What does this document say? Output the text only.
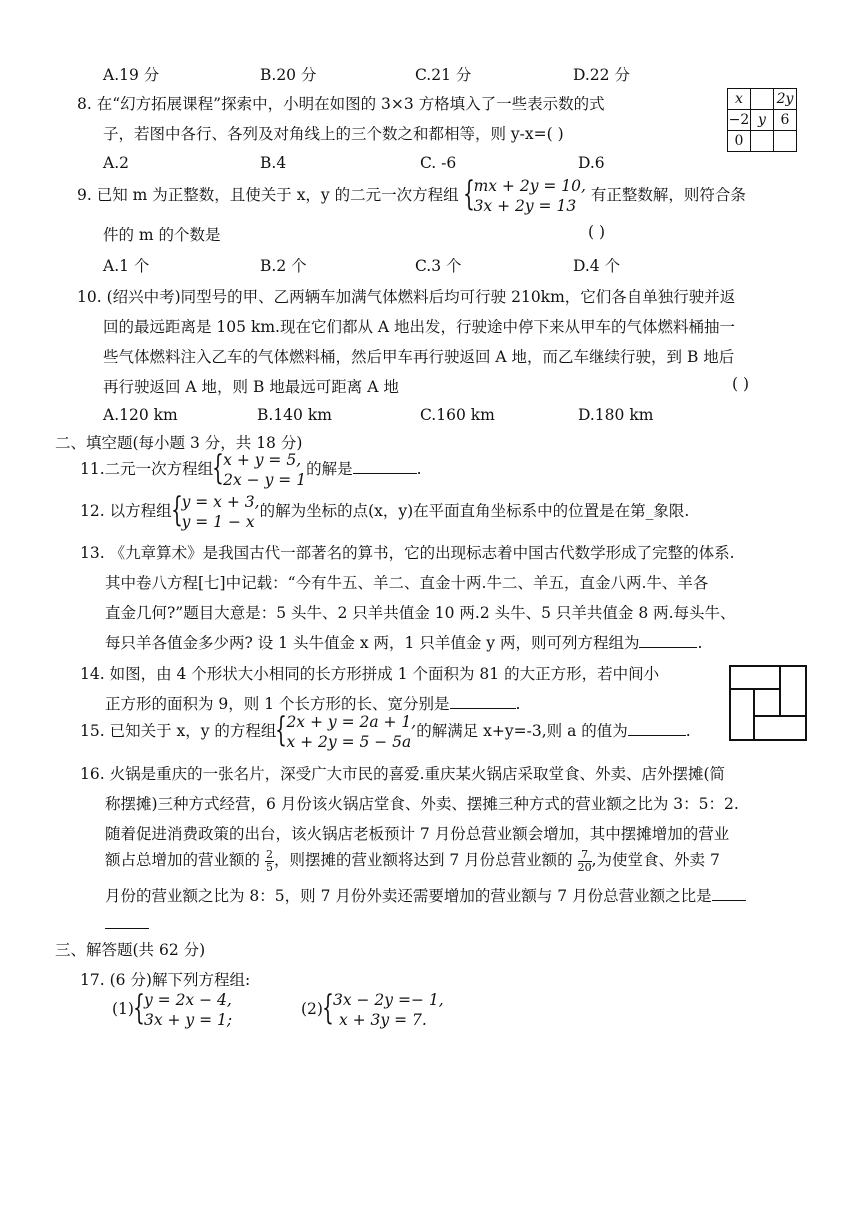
A.19 分	B.20 分	C.21 分	D.22 分
8. 在“幻方拓展课程”探索中，小明在如图的 3×3 方格填入了一些表示数的式
子，若图中各行、各列及对角线上的三个数之和都相等，则 y-x=( )
A.2	B.4	C. -6	D.6
x		2y
−2	y	6
0		
9. 已知 m 为正整数，且使关于 x，y 的二元一次方程组 { mx + 2y = 10,
3x + 2y = 13
有正整数解，则符合条
件的 m 的个数是	( )
A.1 个	B.2 个	C.3 个	D.4 个
10. (绍兴中考)同型号的甲、乙两辆车加满气体燃料后均可行驶 210km，它们各自单独行驶并返
回的最远距离是 105 km.现在它们都从 A 地出发，行驶途中停下来从甲车的气体燃料桶抽一
些气体燃料注入乙车的气体燃料桶，然后甲车再行驶返回 A 地，而乙车继续行驶，到 B 地后
再行驶返回 A 地，则 B 地最远可距离 A 地	( )
A.120 km	B.140 km	C.160 km	D.180 km
二、填空题(每小题 3 分，共 18 分)
11.二元一次方程组 { x + y = 5,
2x − y = 1
的解是	.
12. 以方程组 { y = x + 3,
y = 1 − x
的解为坐标的点(x，y)在平面直角坐标系中的位置是在第_象限.
13. 《九章算术》是我国古代一部著名的算书，它的出现标志着中国古代数学形成了完整的体系.
其中卷八方程[七]中记载：“今有牛五、羊二、直金十两.牛二、羊五，直金八两.牛、羊各
直金几何?”题目大意是：5 头牛、2 只羊共值金 10 两.2 头牛、5 只羊共值金 8 两.每头牛、
每只羊各值金多少两? 设 1 头牛值金 x 两，1 只羊值金 y 两，则可列方程组为	.
14. 如图，由 4 个形状大小相同的长方形拼成 1 个面积为 81 的大正方形，若中间小
正方形的面积为 9，则 1 个长方形的长、宽分别是	.
15. 已知关于 x，y 的方程组 { 2x + y = 2a + 1,
x + 2y = 5 − 5a
的解满足 x+y=-3,则 a 的值为	.
16. 火锅是重庆的一张名片，深受广大市民的喜爱.重庆某火锅店采取堂食、外卖、店外摆摊(简
称摆摊)三种方式经营，6 月份该火锅店堂食、外卖、摆摊三种方式的营业额之比为 3：5：2.
随着促进消费政策的出台，该火锅店老板预计 7 月份总营业额会增加，其中摆摊增加的营业
额占总增加的营业额的 $\frac{2}{5}$ ，则摆摊的营业额将达到 7 月份总营业额的 $\frac{7}{20}$ ,为使堂食、外卖 7
月份的营业额之比为 8：5，则 7 月份外卖还需要增加的营业额与 7 月份总营业额之比是
三、解答题(共 62 分)
17. (6 分)解下列方程组:
(1) { y = 2x − 4,
3x + y = 1;
(2) { 3x − 2y =− 1,
x + 3y = 7.
